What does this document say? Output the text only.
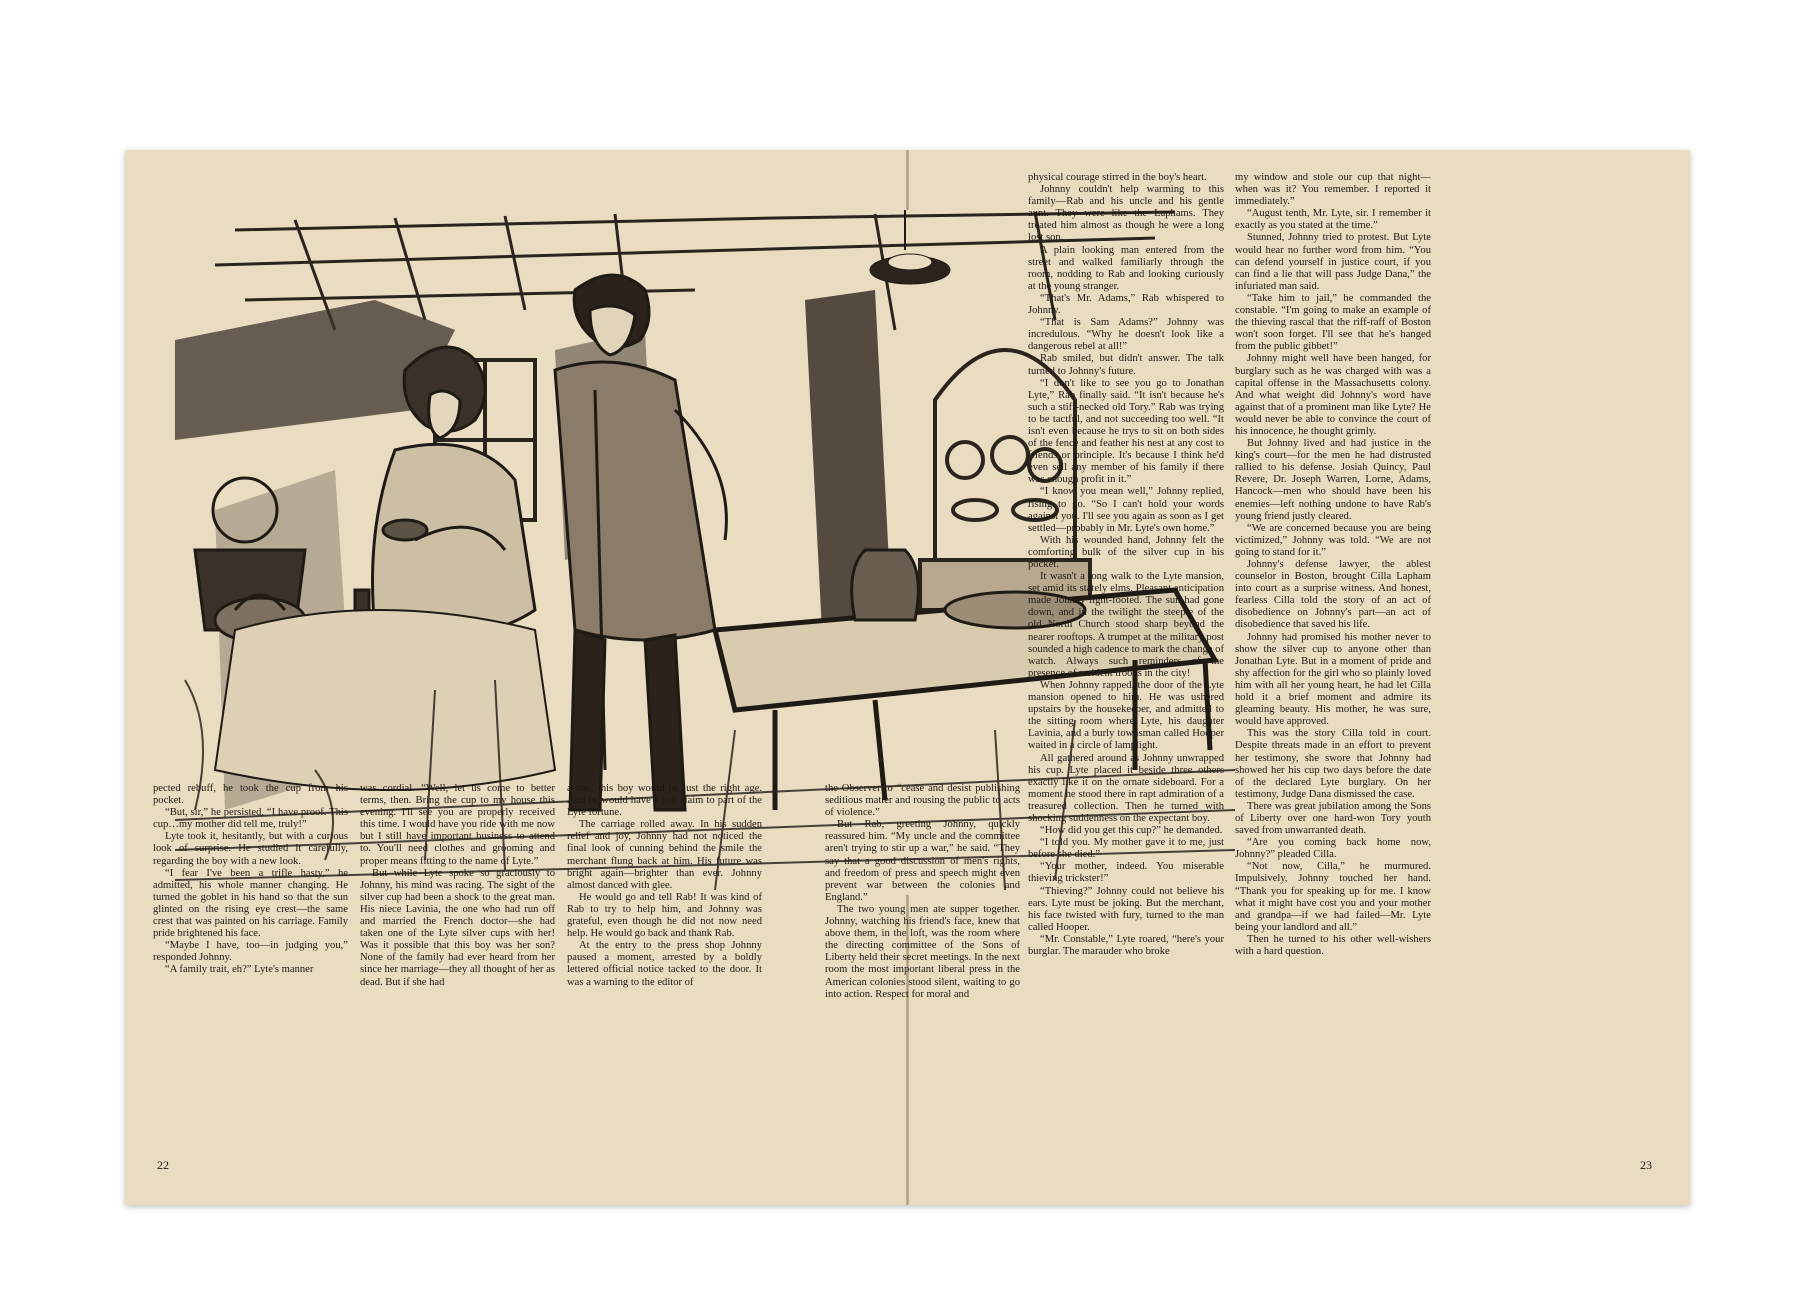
pected rebuff, he took the cup from his pocket.

“But, sir,” he persisted, “I have proof. This cup…my mother did tell me, truly!”

Lyte took it, hesitantly, but with a curious look of surprise. He studied it carefully, regarding the boy with a new look.

“I fear I've been a trifle hasty,” he admitted, his whole manner changing. He turned the goblet in his hand so that the sun glinted on the rising eye crest—the same crest that was painted on his carriage. Family pride brightened his face.

“Maybe I have, too—in judging you,” responded Johnny.

“A family trait, eh?” Lyte's manner

was cordial. “Well, let us come to better terms, then. Bring the cup to my house this evening. I'll see you are properly received this time. I would have you ride with me now but I still have important business to attend to. You'll need clothes and grooming and proper means fitting to the name of Lyte.”

But while Lyte spoke so graciously to Johnny, his mind was racing. The sight of the silver cup had been a shock to the great man. His niece Lavinia, the one who had run off and married the French doctor—she had taken one of the Lyte silver cups with her! Was it possible that this boy was her son? None of the family had ever heard from her since her marriage—they all thought of her as dead. But if she had

a son, this boy would be just the right age. And he would have a just claim to part of the Lyte fortune.

The carriage rolled away. In his sudden relief and joy, Johnny had not noticed the final look of cunning behind the smile the merchant flung back at him. His future was bright again—brighter than ever. Johnny almost danced with glee.

He would go and tell Rab! It was kind of Rab to try to help him, and Johnny was grateful, even though he did not now need help. He would go back and thank Rab.

At the entry to the press shop Johnny paused a moment, arrested by a boldly lettered official notice tacked to the door. It was a warning to the editor of

22

the Observer to “cease and desist publishing seditious matter and rousing the public to acts of violence.”

But Rab, greeting Johnny, quickly reassured him. “My uncle and the committee aren't trying to stir up a war,” he said. “They say that a good discussion of men's rights, and freedom of press and speech might even prevent war between the colonies and England.”

The two young men ate supper together. Johnny, watching his friend's face, knew that above them, in the loft, was the room where the directing committee of the Sons of Liberty held their secret meetings. In the next room the most important liberal press in the American colonies stood silent, waiting to go into action. Respect for moral and

physical courage stirred in the boy's heart.

Johnny couldn't help warming to this family—Rab and his uncle and his gentle aunt. They were like the Laphams. They treated him almost as though he were a long lost son.

A plain looking man entered from the street and walked familiarly through the room, nodding to Rab and looking curiously at the young stranger.

“That's Mr. Adams,” Rab whispered to Johnny.

“That is Sam Adams?” Johnny was incredulous. “Why he doesn't look like a dangerous rebel at all!”

Rab smiled, but didn't answer. The talk turned to Johnny's future.

“I don't like to see you go to Jonathan Lyte,” Rab finally said. “It isn't because he's such a stiff-necked old Tory.” Rab was trying to be tactful, and not succeeding too well. “It isn't even because he trys to sit on both sides of the fence and feather his nest at any cost to friends or principle. It's because I think he'd even sell any member of his family if there was enough profit in it.”

“I know you mean well,” Johnny replied, rising to go. “So I can't hold your words against you. I'll see you again as soon as I get settled—probably in Mr. Lyte's own home.”

With his wounded hand, Johnny felt the comforting bulk of the silver cup in his pocket.

It wasn't a long walk to the Lyte mansion, set amid its stately elms. Pleasant anticipation made Johnny light-footed. The sun had gone down, and in the twilight the steeple of the old North Church stood sharp beyond the nearer rooftops. A trumpet at the military post sounded a high cadence to mark the change of watch. Always such reminders of the presence of resident troops in the city!

When Johnny rapped, the door of the Lyte mansion opened to him. He was ushered upstairs by the housekeeper, and admitted to the sitting room where Lyte, his daughter Lavinia, and a burly townsman called Hooper waited in a circle of lamplight.

All gathered around as Johnny unwrapped his cup. Lyte placed it beside three others exactly like it on the ornate sideboard. For a moment he stood there in rapt admiration of a treasured collection. Then he turned with shocking suddenness on the expectant boy.

“How did you get this cup?” he demanded.

“I told you. My mother gave it to me, just before she died.”

“Your mother, indeed. You miserable thieving trickster!”

“Thieving?” Johnny could not believe his ears. Lyte must be joking. But the merchant, his face twisted with fury, turned to the man called Hooper.

“Mr. Constable,” Lyte roared, “here's your burglar. The marauder who broke

my window and stole our cup that night—when was it? You remember. I reported it immediately.”

“August tenth, Mr. Lyte, sir. I remember it exactly as you stated at the time.”

Stunned, Johnny tried to protest. But Lyte would hear no further word from him. “You can defend yourself in justice court, if you can find a lie that will pass Judge Dana,” the infuriated man said.

“Take him to jail,” he commanded the constable. “I'm going to make an example of the thieving rascal that the riff-raff of Boston won't soon forget. I'll see that he's hanged from the public gibbet!”

Johnny might well have been hanged, for burglary such as he was charged with was a capital offense in the Massachusetts colony. And what weight did Johnny's word have against that of a prominent man like Lyte? He would never be able to convince the court of his innocence, he thought grimly.

But Johnny lived and had justice in the king's court—for the men he had distrusted rallied to his defense. Josiah Quincy, Paul Revere, Dr. Joseph Warren, Lorne, Adams, Hancock—men who should have been his enemies—left nothing undone to have Rab's young friend justly cleared.

“We are concerned because you are being victimized,” Johnny was told. “We are not going to stand for it.”

Johnny's defense lawyer, the ablest counselor in Boston, brought Cilla Lapham into court as a surprise witness. And honest, fearless Cilla told the story of an act of disobedience on Johnny's part—an act of disobedience that saved his life.

Johnny had promised his mother never to show the silver cup to anyone other than Jonathan Lyte. But in a moment of pride and shy affection for the girl who so plainly loved him with all her young heart, he had let Cilla hold it a brief moment and admire its gleaming beauty. His mother, he was sure, would have approved.

This was the story Cilla told in court. Despite threats made in an effort to prevent her testimony, she swore that Johnny had showed her his cup two days before the date of the declared Lyte burglary. On her testimony, Judge Dana dismissed the case.

There was great jubilation among the Sons of Liberty over one hard-won Tory youth saved from unwarranted death.

“Are you coming back home now, Johnny?” pleaded Cilla.

“Not now, Cilla,” he murmured. Impulsively, Johnny touched her hand. “Thank you for speaking up for me. I know what it might have cost you and your mother and grandpa—if we had failed—Mr. Lyte being your landlord and all.”

Then he turned to his other well-wishers with a hard question.

23
